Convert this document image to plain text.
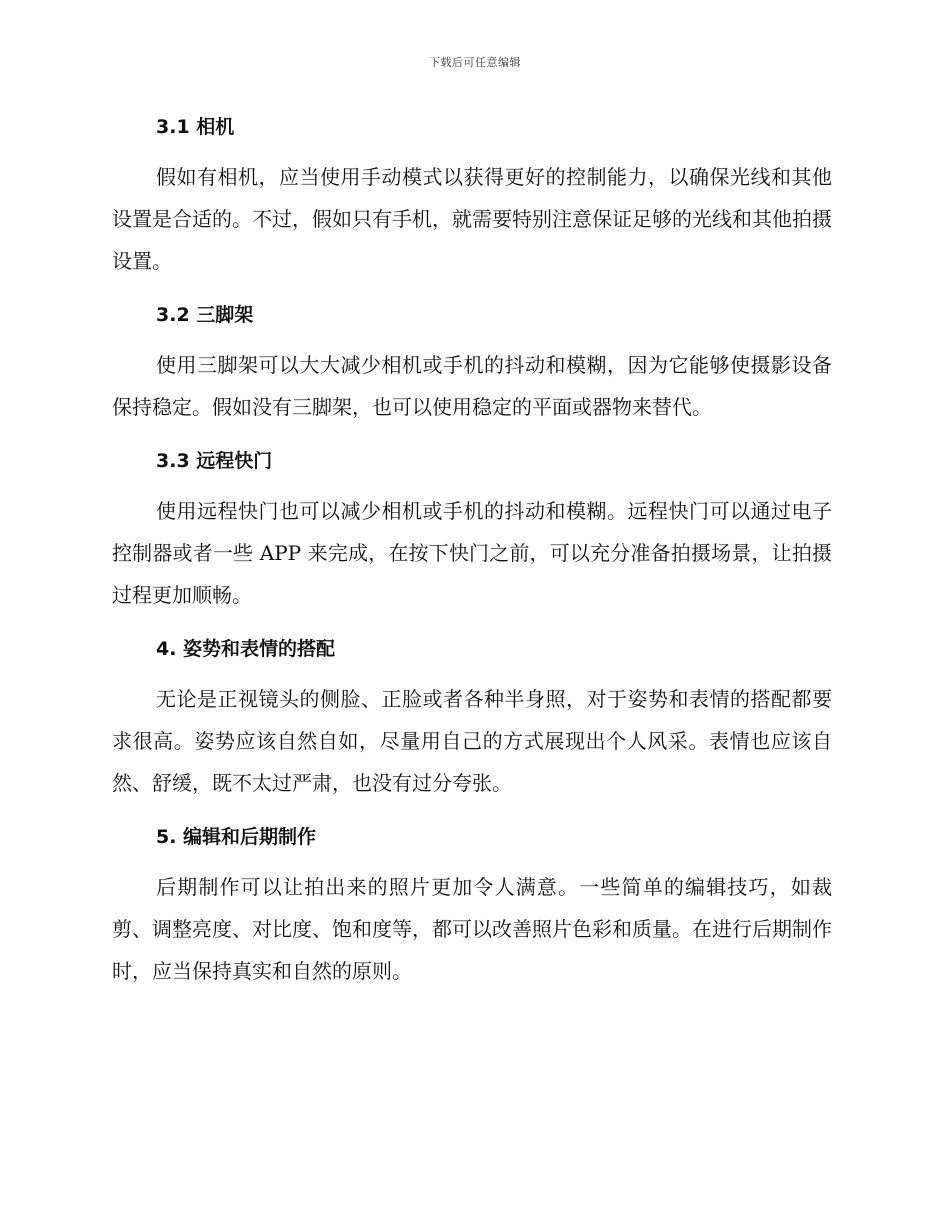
下载后可任意编辑
3.1 相机

假如有相机，应当使用手动模式以获得更好的控制能力，以确保光线和其他设置是合适的。不过，假如只有手机，就需要特别注意保证足够的光线和其他拍摄设置。

3.2 三脚架

使用三脚架可以大大减少相机或手机的抖动和模糊，因为它能够使摄影设备保持稳定。假如没有三脚架，也可以使用稳定的平面或器物来替代。

3.3 远程快门

使用远程快门也可以减少相机或手机的抖动和模糊。远程快门可以通过电子控制器或者一些 APP 来完成，在按下快门之前，可以充分准备拍摄场景，让拍摄过程更加顺畅。

4. 姿势和表情的搭配

无论是正视镜头的侧脸、正脸或者各种半身照，对于姿势和表情的搭配都要求很高。姿势应该自然自如，尽量用自己的方式展现出个人风采。表情也应该自然、舒缓，既不太过严肃，也没有过分夸张。

5. 编辑和后期制作

后期制作可以让拍出来的照片更加令人满意。一些简单的编辑技巧，如裁剪、调整亮度、对比度、饱和度等，都可以改善照片色彩和质量。在进行后期制作时，应当保持真实和自然的原则。
